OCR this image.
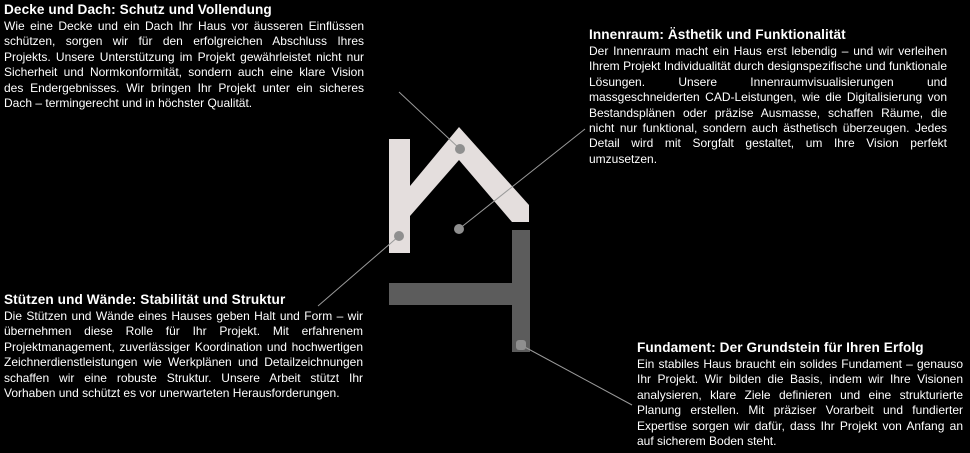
Decke und Dach: Schutz und Vollendung

Wie eine Decke und ein Dach Ihr Haus vor äusseren Einflüssen schützen, sorgen wir für den erfolgreichen Abschluss Ihres Projekts. Unsere Unterstützung im Projekt gewährleistet nicht nur Sicherheit und Normkonformität, sondern auch eine klare Vision des Endergebnisses. Wir bringen Ihr Projekt unter ein sicheres Dach – termingerecht und in höchster Qualität.

Innenraum: Ästhetik und Funktionalität

Der Innenraum macht ein Haus erst lebendig – und wir verleihen Ihrem Projekt Individualität durch designspezifische und funktionale Lösungen. Unsere Innenraumvisualisierungen und massgeschneiderten CAD-Leistungen, wie die Digitalisierung von Bestandsplänen oder präzise Ausmasse, schaffen Räume, die nicht nur funktional, sondern auch ästhetisch überzeugen. Jedes Detail wird mit Sorgfalt gestaltet, um Ihre Vision perfekt umzusetzen.

Stützen und Wände: Stabilität und Struktur

Die Stützen und Wände eines Hauses geben Halt und Form – wir übernehmen diese Rolle für Ihr Projekt. Mit erfahrenem Projektmanagement, zuverlässiger Koordination und hochwertigen Zeichnerdienstleistungen wie Werkplänen und Detailzeichnungen schaffen wir eine robuste Struktur. Unsere Arbeit stützt Ihr Vorhaben und schützt es vor unerwarteten Herausforderungen.

Fundament: Der Grundstein für Ihren Erfolg

Ein stabiles Haus braucht ein solides Fundament – genauso Ihr Projekt. Wir bilden die Basis, indem wir Ihre Visionen analysieren, klare Ziele definieren und eine strukturierte Planung erstellen. Mit präziser Vorarbeit und fundierter Expertise sorgen wir dafür, dass Ihr Projekt von Anfang an auf sicherem Boden steht.
